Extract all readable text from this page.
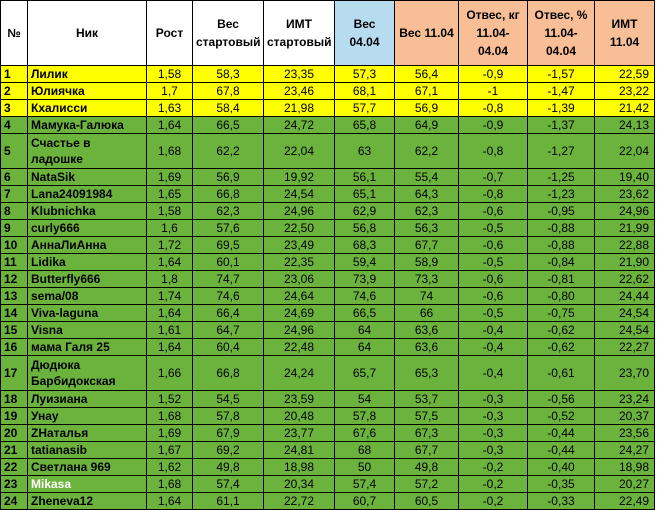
№	Ник	Рост	Вес стартовый	ИМТ стартовый	Вес 04.04	Вес 11.04	Отвес, кг 11.04-04.04	Отвес, % 11.04-04.04	ИМТ 11.04
1	Лилик	1,58	58,3	23,35	57,3	56,4	-0,9	-1,57	22,59
2	Юлиячка	1,7	67,8	23,46	68,1	67,1	-1	-1,47	23,22
3	Кхалисси	1,63	58,4	21,98	57,7	56,9	-0,8	-1,39	21,42
4	Мамука-Галюка	1,64	66,5	24,72	65,8	64,9	-0,9	-1,37	24,13
5	Счастье в ладошке	1,68	62,2	22,04	63	62,2	-0,8	-1,27	22,04
6	NataSik	1,69	56,9	19,92	56,1	55,4	-0,7	-1,25	19,40
7	Lana24091984	1,65	66,8	24,54	65,1	64,3	-0,8	-1,23	23,62
8	Klubnichka	1,58	62,3	24,96	62,9	62,3	-0,6	-0,95	24,96
9	curly666	1,6	57,6	22,50	56,8	56,3	-0,5	-0,88	21,99
10	АннаЛиАнна	1,72	69,5	23,49	68,3	67,7	-0,6	-0,88	22,88
11	Lidika	1,64	60,1	22,35	59,4	58,9	-0,5	-0,84	21,90
12	Butterfly666	1,8	74,7	23,06	73,9	73,3	-0,6	-0,81	22,62
13	sema/08	1,74	74,6	24,64	74,6	74	-0,6	-0,80	24,44
14	Viva-laguna	1,64	66,4	24,69	66,5	66	-0,5	-0,75	24,54
15	Visna	1,61	64,7	24,96	64	63,6	-0,4	-0,62	24,54
16	мама Галя 25	1,64	60,4	22,48	64	63,6	-0,4	-0,62	22,27
17	Дюдюка Барбидокская	1,66	66,8	24,24	65,7	65,3	-0,4	-0,61	23,70
18	Луизиана	1,52	54,5	23,59	54	53,7	-0,3	-0,56	23,24
19	Унау	1,68	57,8	20,48	57,8	57,5	-0,3	-0,52	20,37
20	ZНаталья	1,69	67,9	23,77	67,6	67,3	-0,3	-0,44	23,56
21	tatianasib	1,67	69,2	24,81	68	67,7	-0,3	-0,44	24,27
22	Светлана 969	1,62	49,8	18,98	50	49,8	-0,2	-0,40	18,98
23	Mikasa	1,68	57,4	20,34	57,4	57,2	-0,2	-0,35	20,27
24	Zheneva12	1,64	61,1	22,72	60,7	60,5	-0,2	-0,33	22,49
